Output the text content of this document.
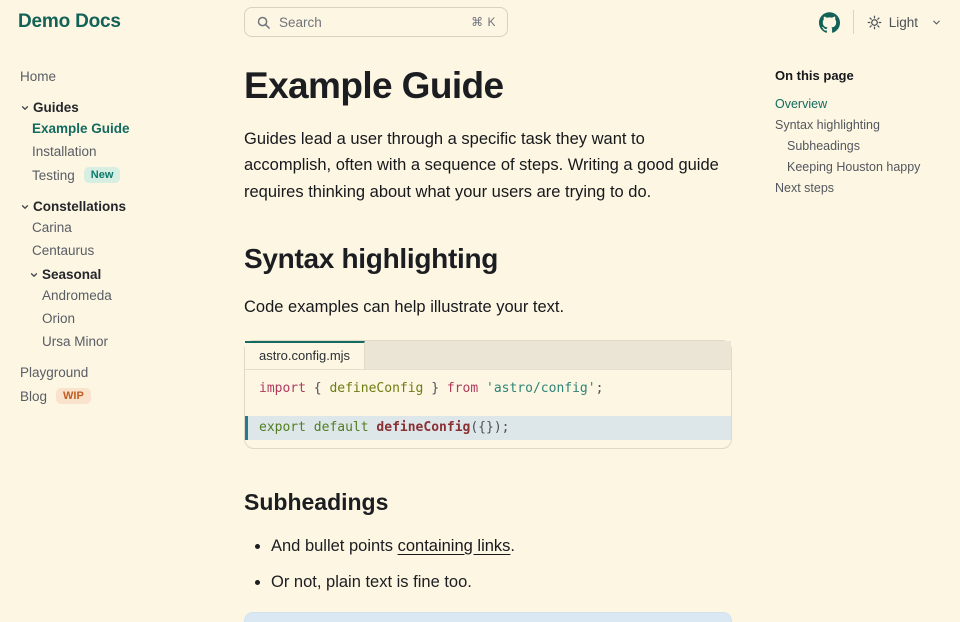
Demo Docs	Search	⌘ K	Light
Home
Guides
Example Guide
Installation
Testing	New
Constellations
Carina
Centaurus
Seasonal
Andromeda
Orion
Ursa Minor
Playground
Blog	WIP
Example Guide

Guides lead a user through a specific task they want to accomplish, often with a sequence of steps. Writing a good guide requires thinking about what your users are trying to do.

Syntax highlighting

Code examples can help illustrate your text.

astro.config.mjs
import { defineConfig } from 'astro/config';
export default defineConfig({});
Subheadings
• And bullet points containing links.
• Or not, plain text is fine too.
On this page
Overview
Syntax highlighting
Subheadings
Keeping Houston happy
Next steps
